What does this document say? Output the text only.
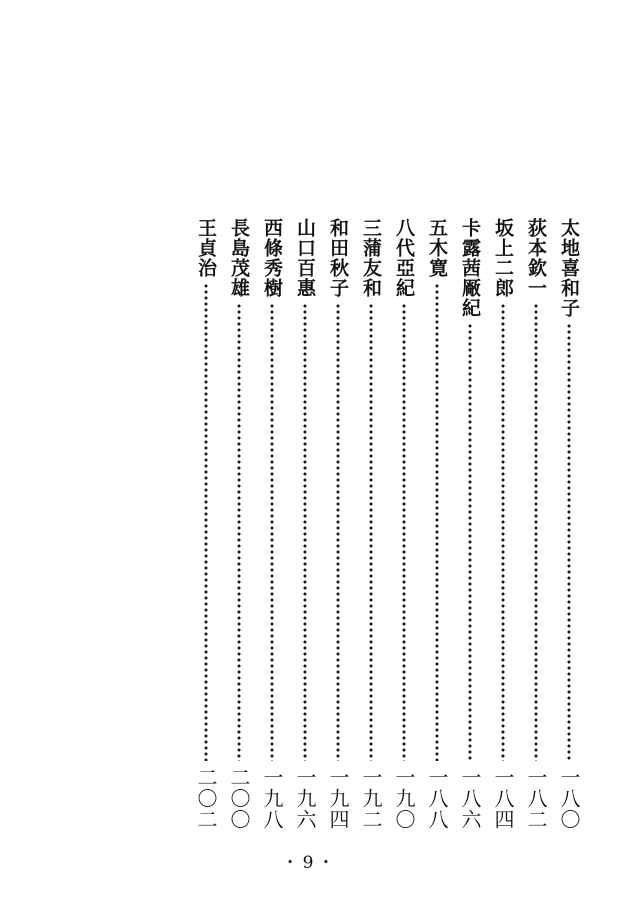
太地喜和子
一八〇
荻本欽一
一八二
坂上二郎
一八四
卡露茜厰紀
一八六
五木寛
一八八
八代亞紀
一九〇
三蒲友和
一九二
和田秋子
一九四
山口百惠
一九六
西條秀樹
一九八
長島茂雄
二〇〇
王貞治
二〇二
・9・
